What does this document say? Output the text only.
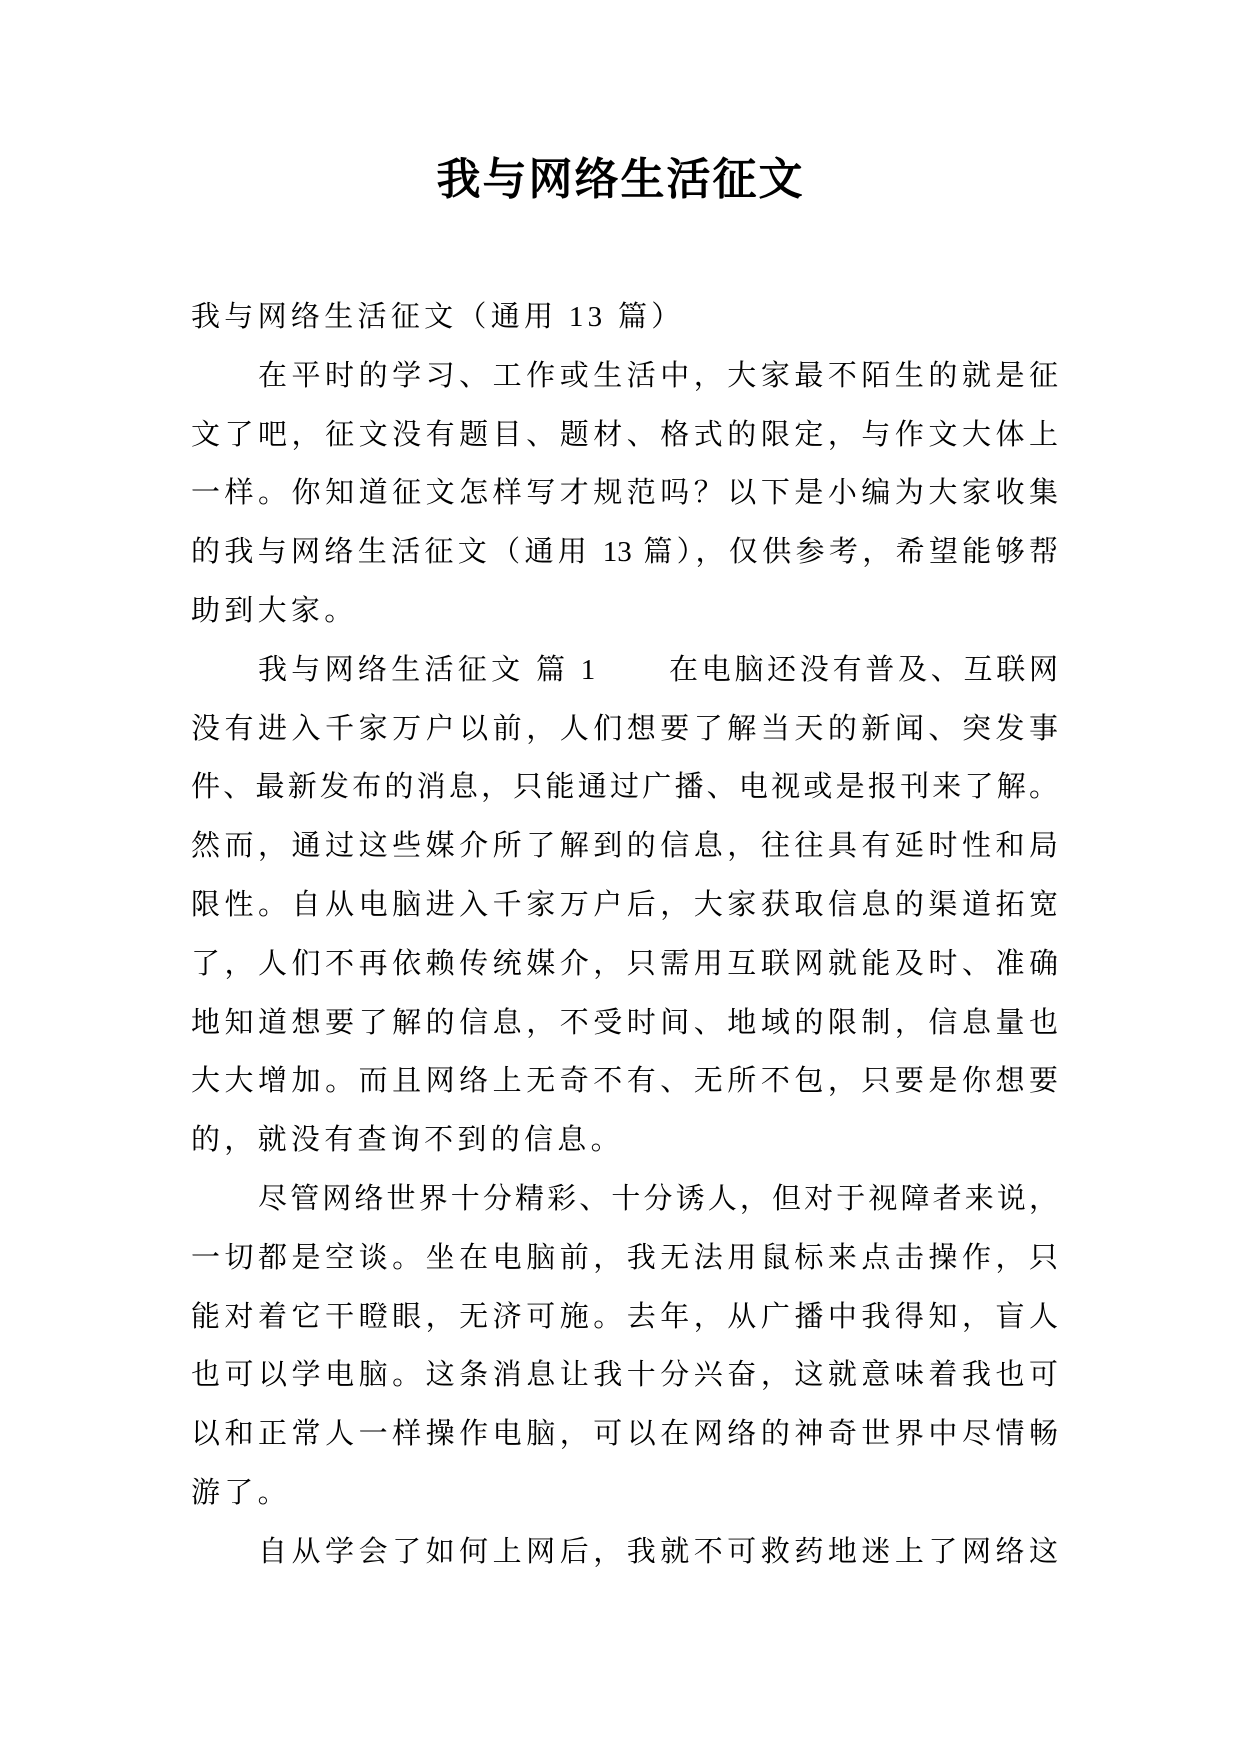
我与网络生活征文
我与网络生活征文（通用 13 篇）
在平时的学习、工作或生活中，大家最不陌生的就是征
文了吧，征文没有题目、题材、格式的限定，与作文大体上
一样。你知道征文怎样写才规范吗？以下是小编为大家收集
的我与网络生活征文（通用 13 篇），仅供参考，希望能够帮
助到大家。
我与网络生活征文 篇 1 在电脑还没有普及、互联网
没有进入千家万户以前，人们想要了解当天的新闻、突发事
件、最新发布的消息，只能通过广播、电视或是报刊来了解。
然而，通过这些媒介所了解到的信息，往往具有延时性和局
限性。自从电脑进入千家万户后，大家获取信息的渠道拓宽
了，人们不再依赖传统媒介，只需用互联网就能及时、准确
地知道想要了解的信息，不受时间、地域的限制，信息量也
大大增加。而且网络上无奇不有、无所不包，只要是你想要
的，就没有查询不到的信息。
尽管网络世界十分精彩、十分诱人，但对于视障者来说，
一切都是空谈。坐在电脑前，我无法用鼠标来点击操作，只
能对着它干瞪眼，无济可施。去年，从广播中我得知，盲人
也可以学电脑。这条消息让我十分兴奋，这就意味着我也可
以和正常人一样操作电脑，可以在网络的神奇世界中尽情畅
游了。
自从学会了如何上网后，我就不可救药地迷上了网络这
